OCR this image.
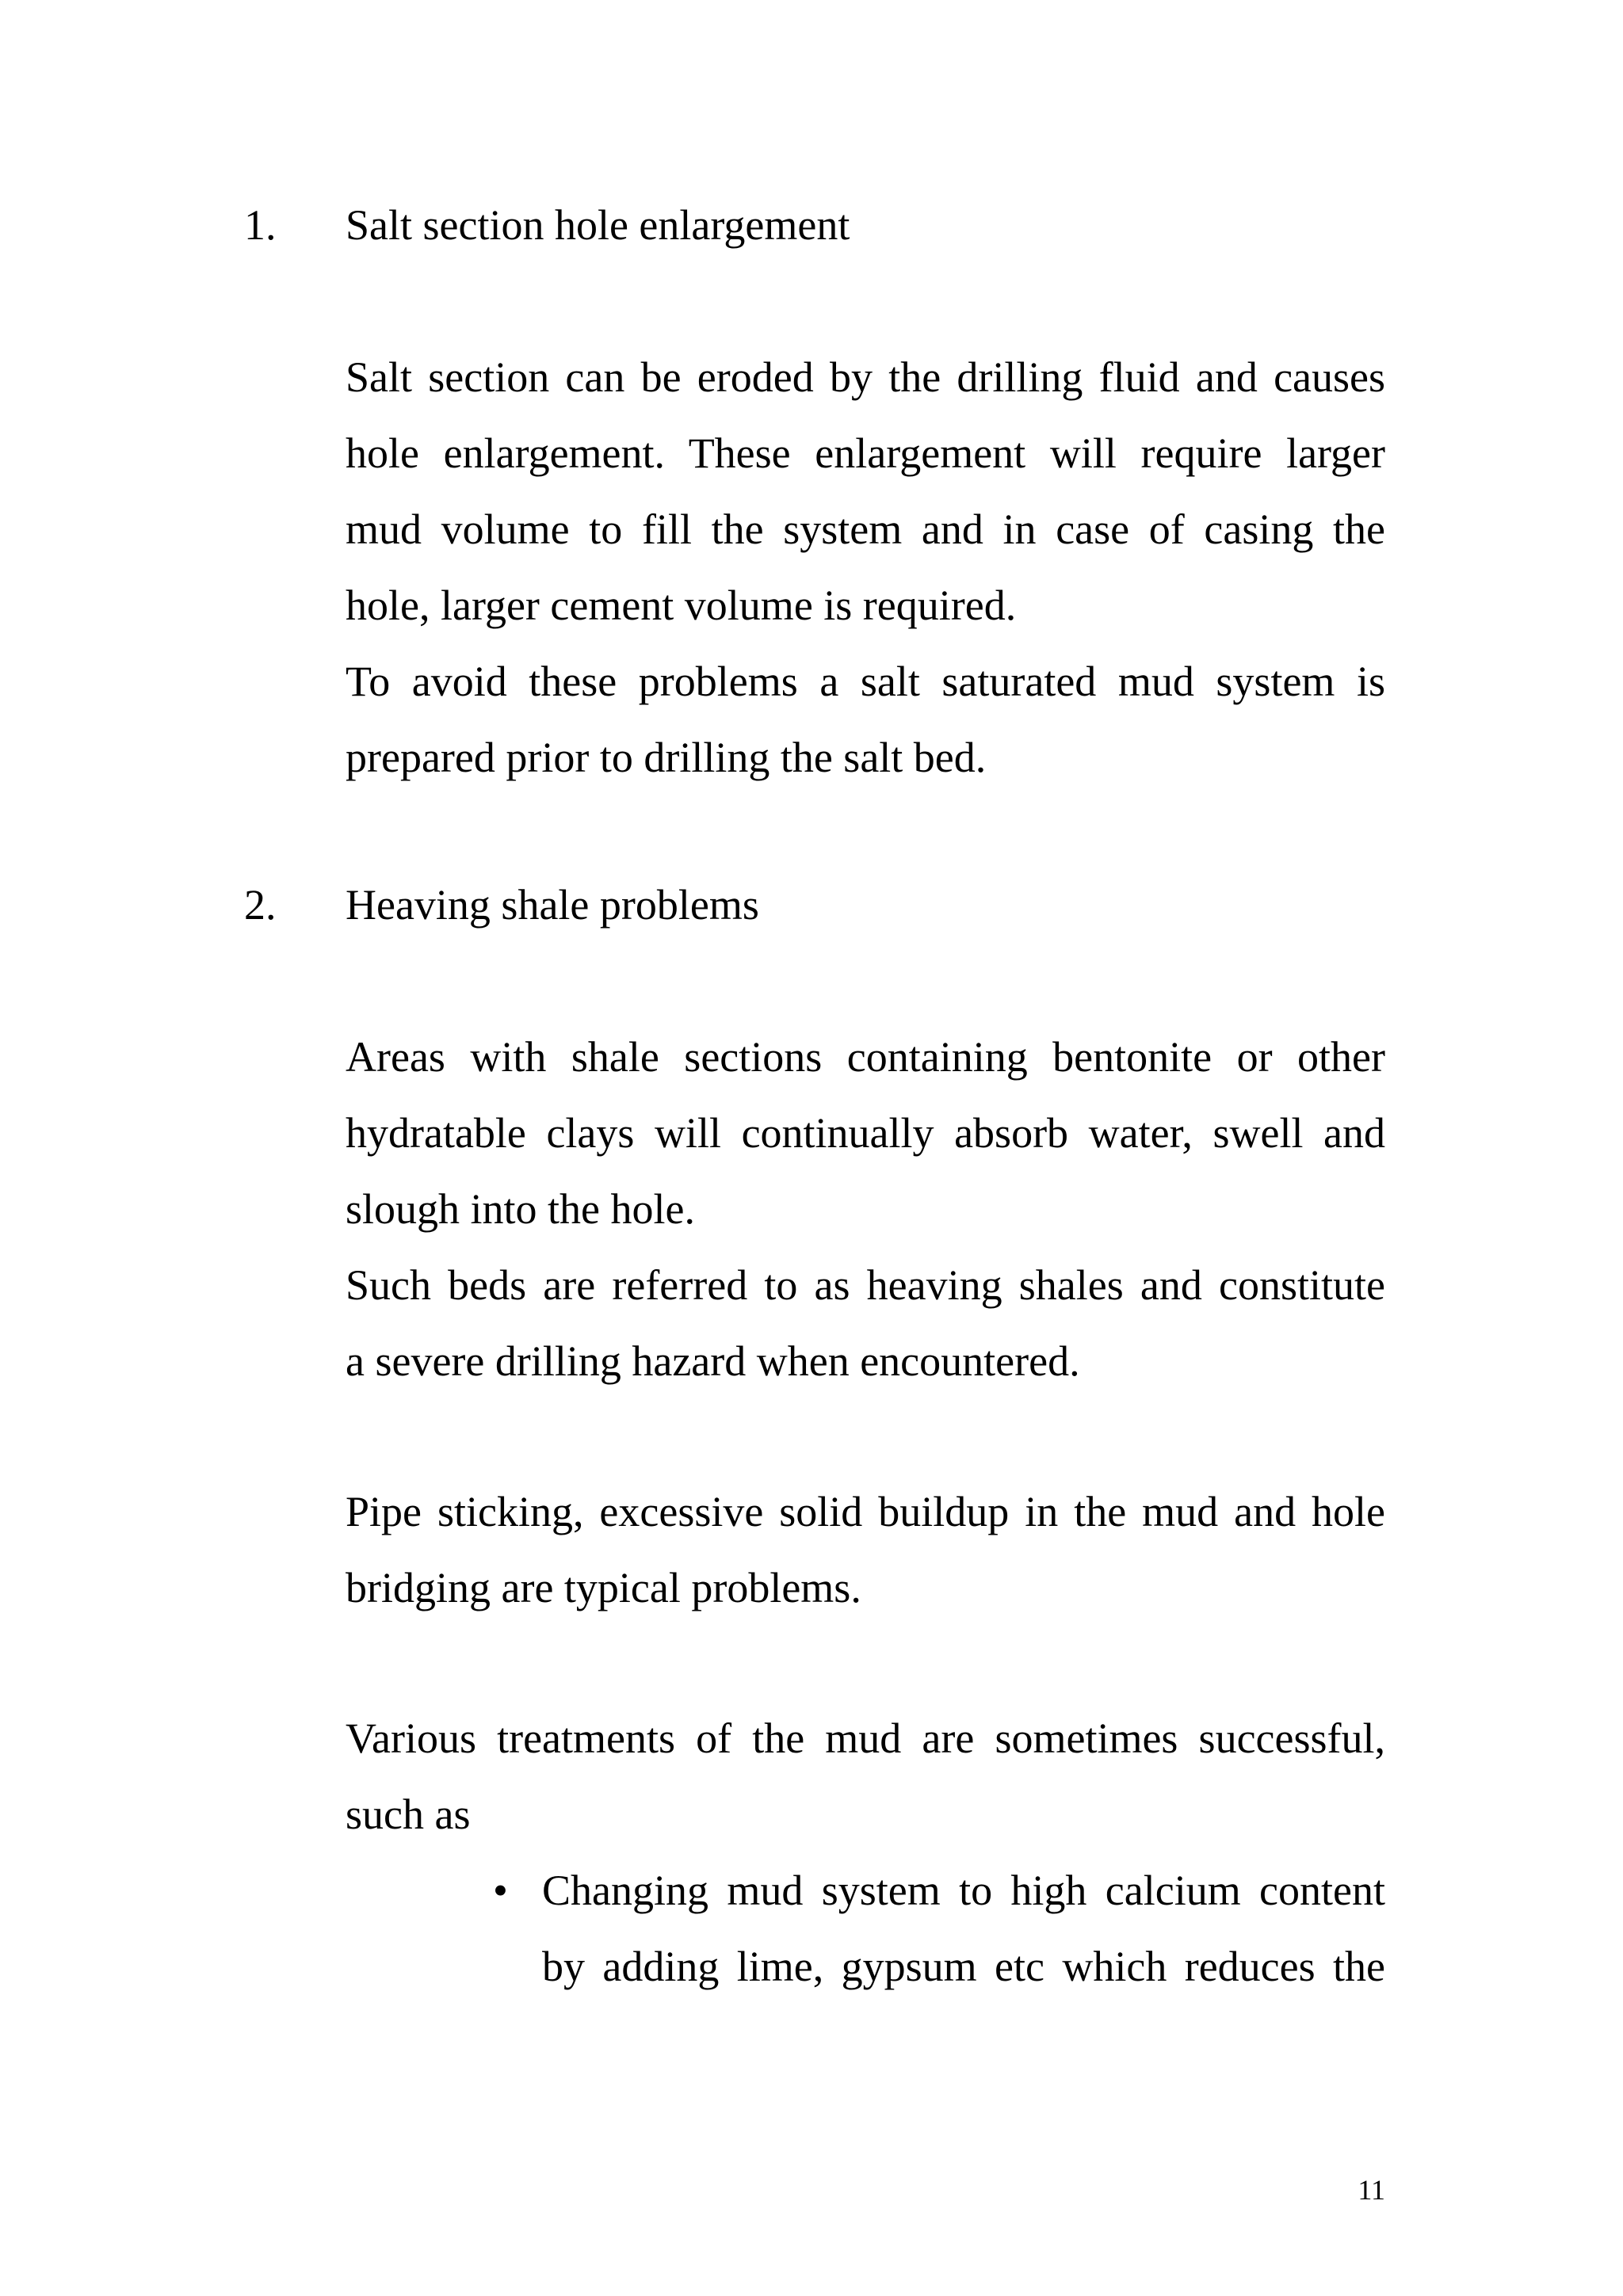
1. Salt section hole enlargement
Salt section can be eroded by the drilling fluid and causes
hole enlargement. These enlargement will require larger
mud volume to fill the system and in case of casing the
hole, larger cement volume is required.
To avoid these problems a salt saturated mud system is
prepared prior to drilling the salt bed.
2. Heaving shale problems
Areas with shale sections containing bentonite or other
hydratable clays will continually absorb water, swell and
slough into the hole.
Such beds are referred to as heaving shales and constitute
a severe drilling hazard when encountered.
Pipe sticking, excessive solid buildup in the mud and hole
bridging are typical problems.
Various treatments of the mud are sometimes successful,
such as
• Changing mud system to high calcium content
by adding lime, gypsum etc which reduces the
11
